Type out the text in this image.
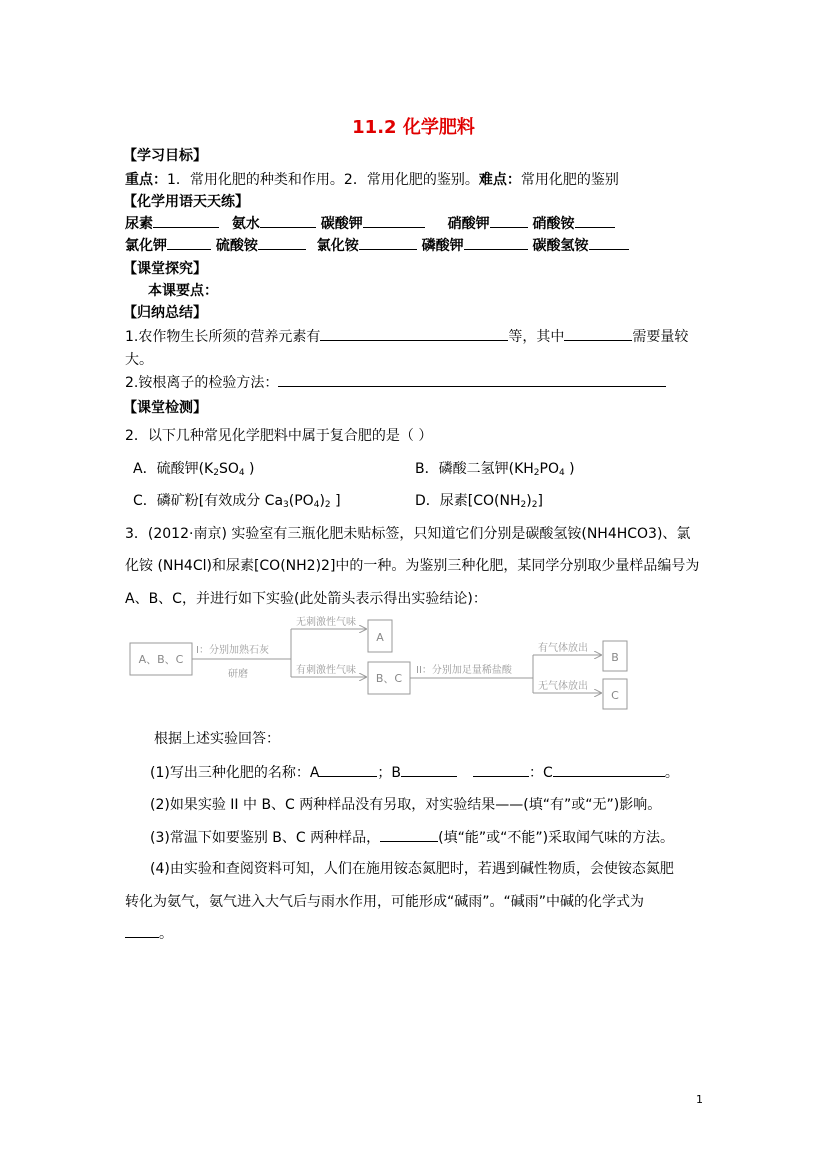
11.2 化学肥料
【学习目标】
重点：1．常用化肥的种类和作用。2．常用化肥的鉴别。难点：常用化肥的鉴别
【化学用语天天练】
尿素	氨水	碳酸钾	硝酸钾	硝酸铵
氯化钾	硫酸铵	氯化铵	磷酸钾	碳酸氢铵
【课堂探究】
本课要点：
【归纳总结】
1.农作物生长所须的营养元素有	等，其中	需要量较
大。
2.铵根离子的检验方法：
【课堂检测】
2．以下几种常见化学肥料中属于复合肥的是（ ）
A．硫酸钾($K_2SO_4$ )	B．磷酸二氢钾($KH_2PO_4$ )
C．磷矿粉[有效成分 $Ca_3(PO_4)_2$ ]	D．尿素$[CO(NH_2)_2]$
3．(2012·南京) 实验室有三瓶化肥未贴标签，只知道它们分别是碳酸氢铵(NH4HCO3)、氯
化铵 (NH4Cl)和尿素[CO(NH2)2]中的一种。为鉴别三种化肥，某同学分别取少量样品编号为
A、B、C，并进行如下实验(此处箭头表示得出实验结论)：
A、B、C
I：分别加熟石灰
研磨
无刺激性气味
有刺激性气味
A
B、C
II：分别加足量稀盐酸
有气体放出
无气体放出
B
C
根据上述实验回答：
(1)写出三种化肥的名称：A	；B	：C	。
(2)如果实验 II 中 B、C 两种样品没有另取，对实验结果——(填“有”或“无”)影响。
(3)常温下如要鉴别 B、C 两种样品，	(填“能”或“不能”)采取闻气味的方法。
(4)由实验和查阅资料可知，人们在施用铵态氮肥时，若遇到碱性物质，会使铵态氮肥
转化为氨气，氨气进入大气后与雨水作用，可能形成“碱雨”。“碱雨”中碱的化学式为
。
1
